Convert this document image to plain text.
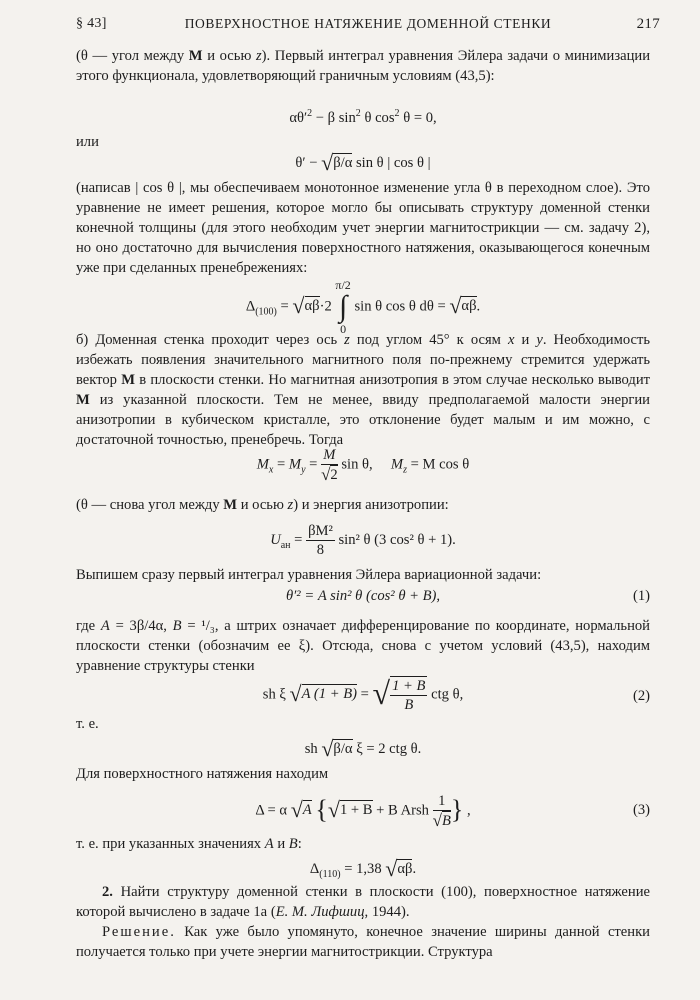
§ 43]	ПОВЕРХНОСТНОЕ НАТЯЖЕНИЕ ДОМЕННОЙ СТЕНКИ	217
(θ — угол между M и осью z). Первый интеграл уравнения Эйлера задачи о минимизации этого функционала, удовлетворяющий граничным условиям (43,5):
$\alpha\theta'^2 - \beta$ $\sin^2 \theta$ $\cos^2 \theta = 0$,
или
θ′ − √β/α sin θ | cos θ |
(написав | cos θ |, мы обеспечиваем монотонное изменение угла θ в переходном слое). Это уравнение не имеет решения, которое могло бы описывать структуру доменной стенки конечной толщины (для этого необходим учет энергии магнитострикции — см. задачу 2), но оно достаточно для вычисления поверхностного натяжения, оказывающегося конечным уже при сделанных пренебрежениях:
$\Delta_{(100)} = √\alpha\beta\cdot 2$
π/2
∫
0
sin θ cos θ dθ = √αβ.
б) Доменная стенка проходит через ось z под углом 45° к осям x и y. Необходимость избежать появления значительного магнитного поля по-прежнему стремится удержать вектор M в плоскости стенки. Но магнитная анизотропия в этом случае несколько выводит M из указанной плоскости. Тем не менее, ввиду предполагаемой малости энергии анизотропии в кубическом кристалле, это отклонение будет малым и им можно, с достаточной точностью, пренебречь. Тогда
$M_x = M_y = \frac{M}{√2}$ sin θ, $M_z = M$ cos θ
(θ — снова угол между M и осью z) и энергия анизотропии:
$U_{ан} = \frac{\text{βM²}}{8} \sin^2$ θ (3 cos² θ + 1).
Выпишем сразу первый интеграл уравнения Эйлера вариационной задачи:
θ′² = A sin² θ (cos² θ + B),	(1)
где A = 3β/4α, B = ¹/₃, а штрих означает дифференцирование по координате, нормальной плоскости стенки (обозначим ее ξ). Отсюда, снова с учетом условий (43,5), находим уравнение структуры стенки
sh ξ √A (1 + B) = √ $\frac{1 + B}{B}$ ctg θ,	(2)
т. е.
sh √β/α ξ = 2 ctg θ.
Для поверхностного натяжения находим
Δ = α √A {√1 + B + B Arsh $\frac{1}{√B}$ } ,	(3)
т. е. при указанных значениях A и B:
$\Delta_{(110)} = 1,38$ √αβ.
2. Найти структуру доменной стенки в плоскости (100), поверхностное натяжение которой вычислено в задаче 1а (Е. М. Лифшиц, 1944).
Решение. Как уже было упомянуто, конечное значение ширины данной стенки получается только при учете энергии магнитострикции. Структура
